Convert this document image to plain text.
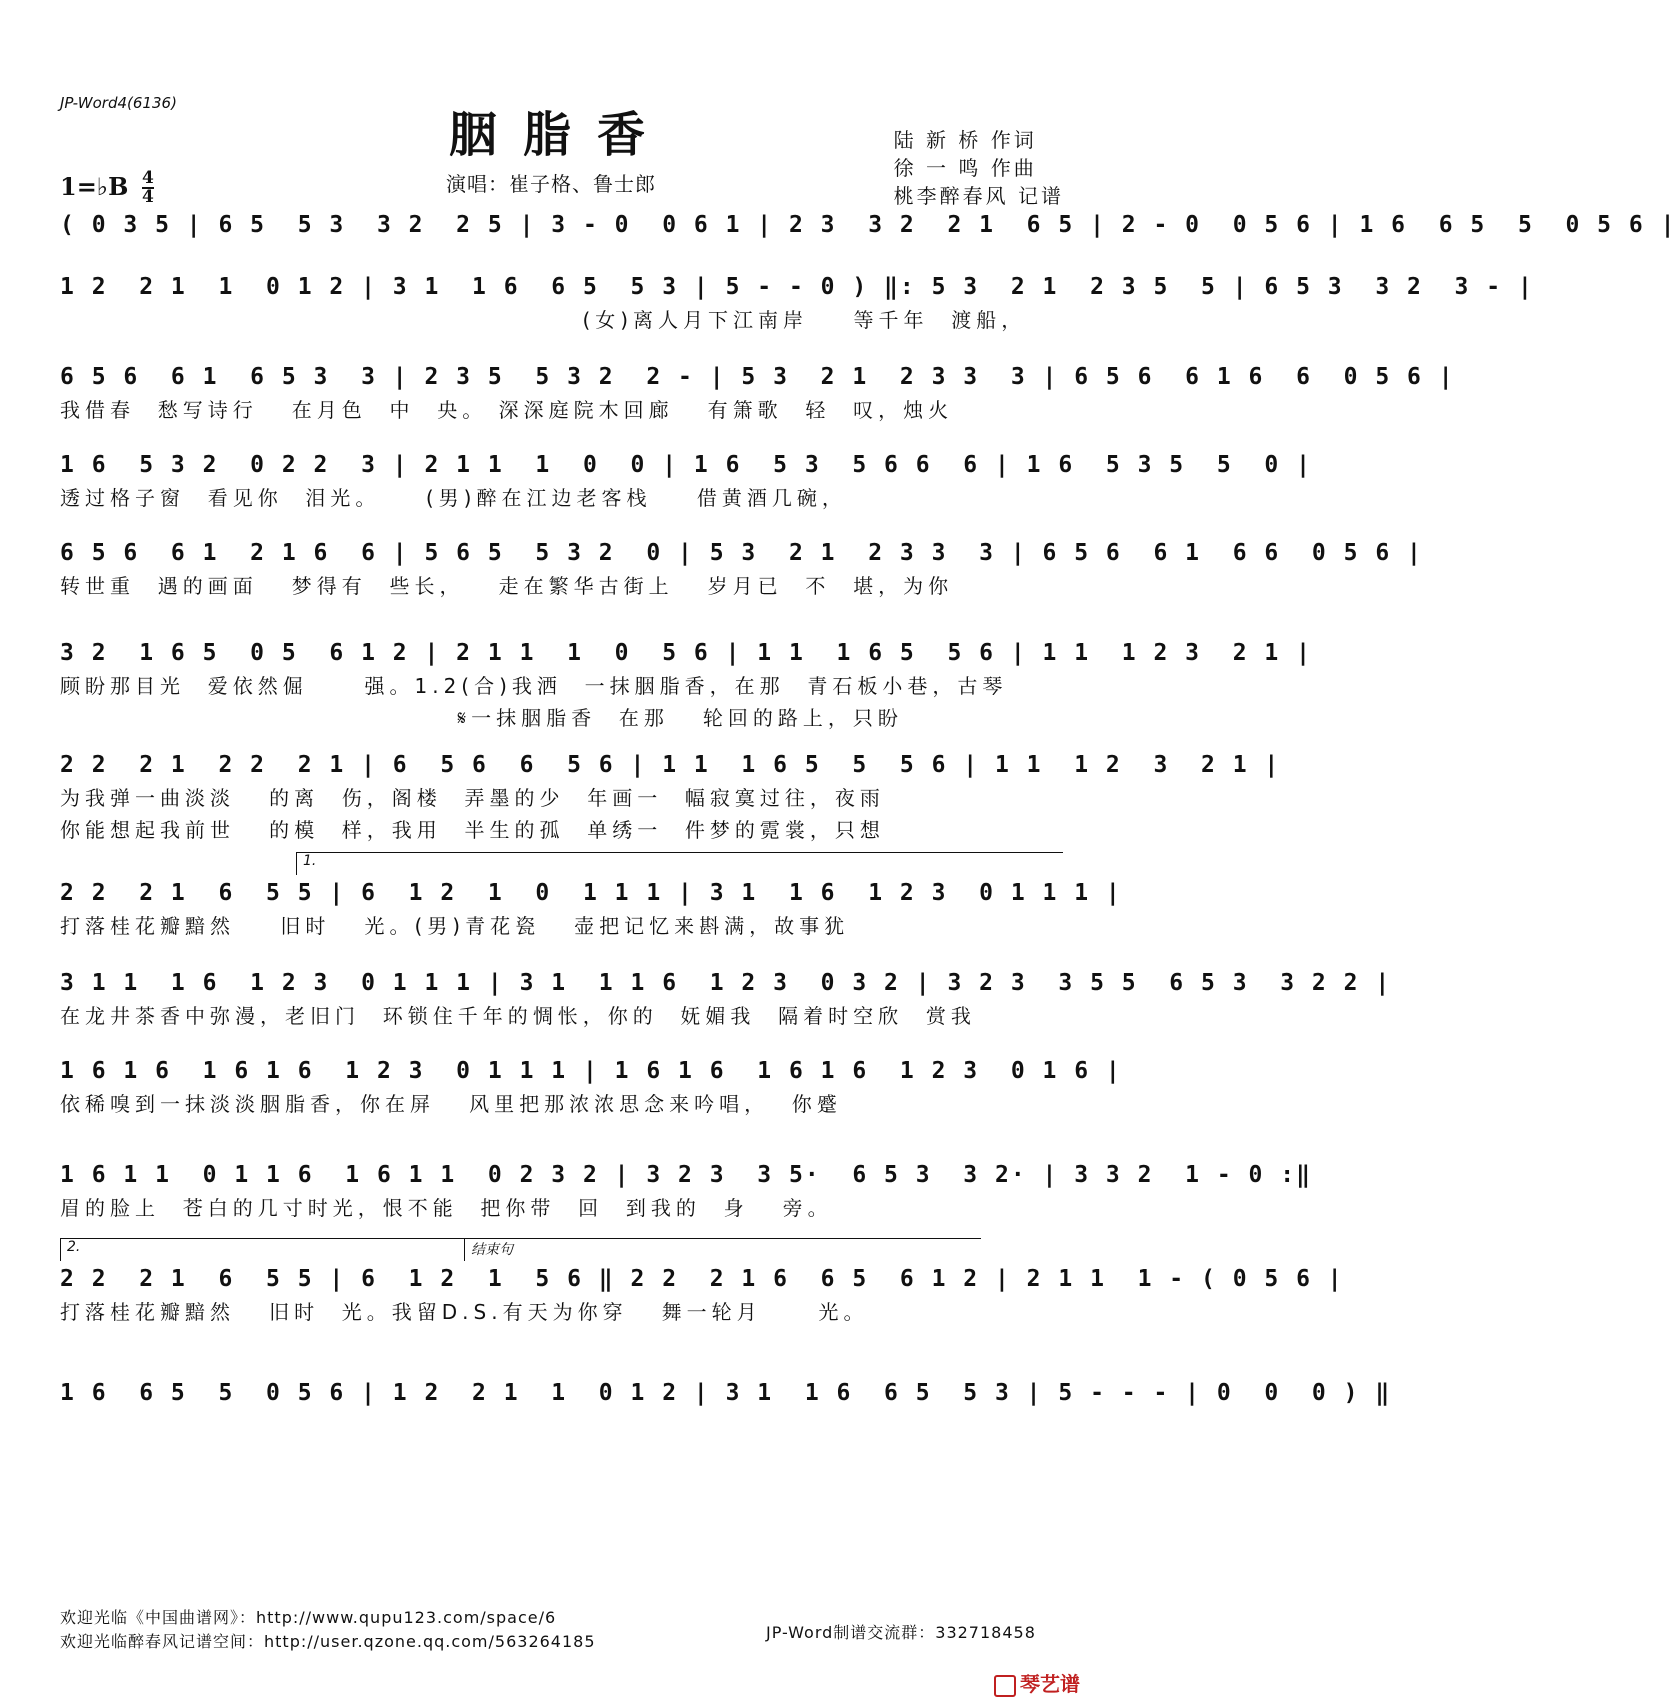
JP-Word4(6136)
胭脂香	陆 新 桥 作词
徐 一 鸣 作曲
桃李醉春风 记谱
1=♭B 4
4
演唱：崔子格、鲁士郎
( 0 3 5 | 6 5  5 3  3 2  2 5 | 3 - 0  0 6 1 | 2 3  3 2  2 1  6 5 | 2 - 0  0 5 6 | 1 6  6 5  5  0 5 6 |
1 2  2 1  1  0 1 2 | 3 1  1 6  6 5  5 3 | 5 - - 0 ) ‖: 5 3  2 1  2 3 5  5 | 6 5 3  3 2  3 - |
(女)离人月下江南岸    等千年  渡船，
6 5 6  6 1  6 5 3  3 | 2 3 5  5 3 2  2 - | 5 3  2 1  2 3 3  3 | 6 5 6  6 1 6  6  0 5 6 |
我借春  愁写诗行   在月色  中  央。 深深庭院木回廊   有箫歌  轻  叹，烛火
1 6  5 3 2  0 2 2  3 | 2 1 1  1  0  0 | 1 6  5 3  5 6 6  6 | 1 6  5 3 5  5  0 |
透过格子窗  看见你  泪光。    (男)醉在江边老客栈    借黄酒几碗，
6 5 6  6 1  2 1 6  6 | 5 6 5  5 3 2  0 | 5 3  2 1  2 3 3  3 | 6 5 6  6 1  6 6  0 5 6 |
转世重  遇的画面   梦得有  些长，   走在繁华古街上   岁月已  不  堪，为你
3 2  1 6 5  0 5  6 1 2 | 2 1 1  1  0  5 6 | 1 1  1 6 5  5 6 | 1 1  1 2 3  2 1 |
顾盼那目光  爱依然倔     强。1.2(合)我洒  一抹胭脂香，在那  青石板小巷，古琴
𝄋一抹胭脂香  在那   轮回的路上，只盼
2 2  2 1  2 2  2 1 | 6  5 6  6  5 6 | 1 1  1 6 5  5  5 6 | 1 1  1 2  3  2 1 |
为我弹一曲淡淡   的离  伤，阁楼  弄墨的少  年画一  幅寂寞过往，夜雨
你能想起我前世   的模  样，我用  半生的孤  单绣一  件梦的霓裳，只想
1.
2 2  2 1  6  5 5 | 6  1 2  1  0  1 1 1 | 3 1  1 6  1 2 3  0 1 1 1 |
打落桂花瓣黯然    旧时   光。(男)青花瓷   壶把记忆来斟满，故事犹
3 1 1  1 6  1 2 3  0 1 1 1 | 3 1  1 1 6  1 2 3  0 3 2 | 3 2 3  3 5 5  6 5 3  3 2 2 |
在龙井茶香中弥漫，老旧门  环锁住千年的惆怅，你的  妩媚我  隔着时空欣  赏我
1 6 1 6  1 6 1 6  1 2 3  0 1 1 1 | 1 6 1 6  1 6 1 6  1 2 3  0 1 6 |
依稀嗅到一抹淡淡胭脂香，你在屏   风里把那浓浓思念来吟唱，  你蹙
1 6 1 1  0 1 1 6  1 6 1 1  0 2 3 2 | 3 2 3  3 5·  6 5 3  3 2· | 3 3 2  1 - 0 :‖
眉的脸上  苍白的几寸时光，恨不能  把你带  回  到我的  身   旁。
2.	结束句
2 2  2 1  6  5 5 | 6  1 2  1  5 6 ‖ 2 2  2 1 6  6 5  6 1 2 | 2 1 1  1 - ( 0 5 6 |
打落桂花瓣黯然   旧时  光。我留D.S.有天为你穿   舞一轮月     光。
1 6  6 5  5  0 5 6 | 1 2  2 1  1  0 1 2 | 3 1  1 6  6 5  5 3 | 5 - - - | 0  0  0 ) ‖
欢迎光临《中国曲谱网》：http://www.qupu123.com/space/6
欢迎光临醉春风记谱空间：http://user.qzone.qq.com/563264185	JP-Word制谱交流群：332718458
琴艺谱
